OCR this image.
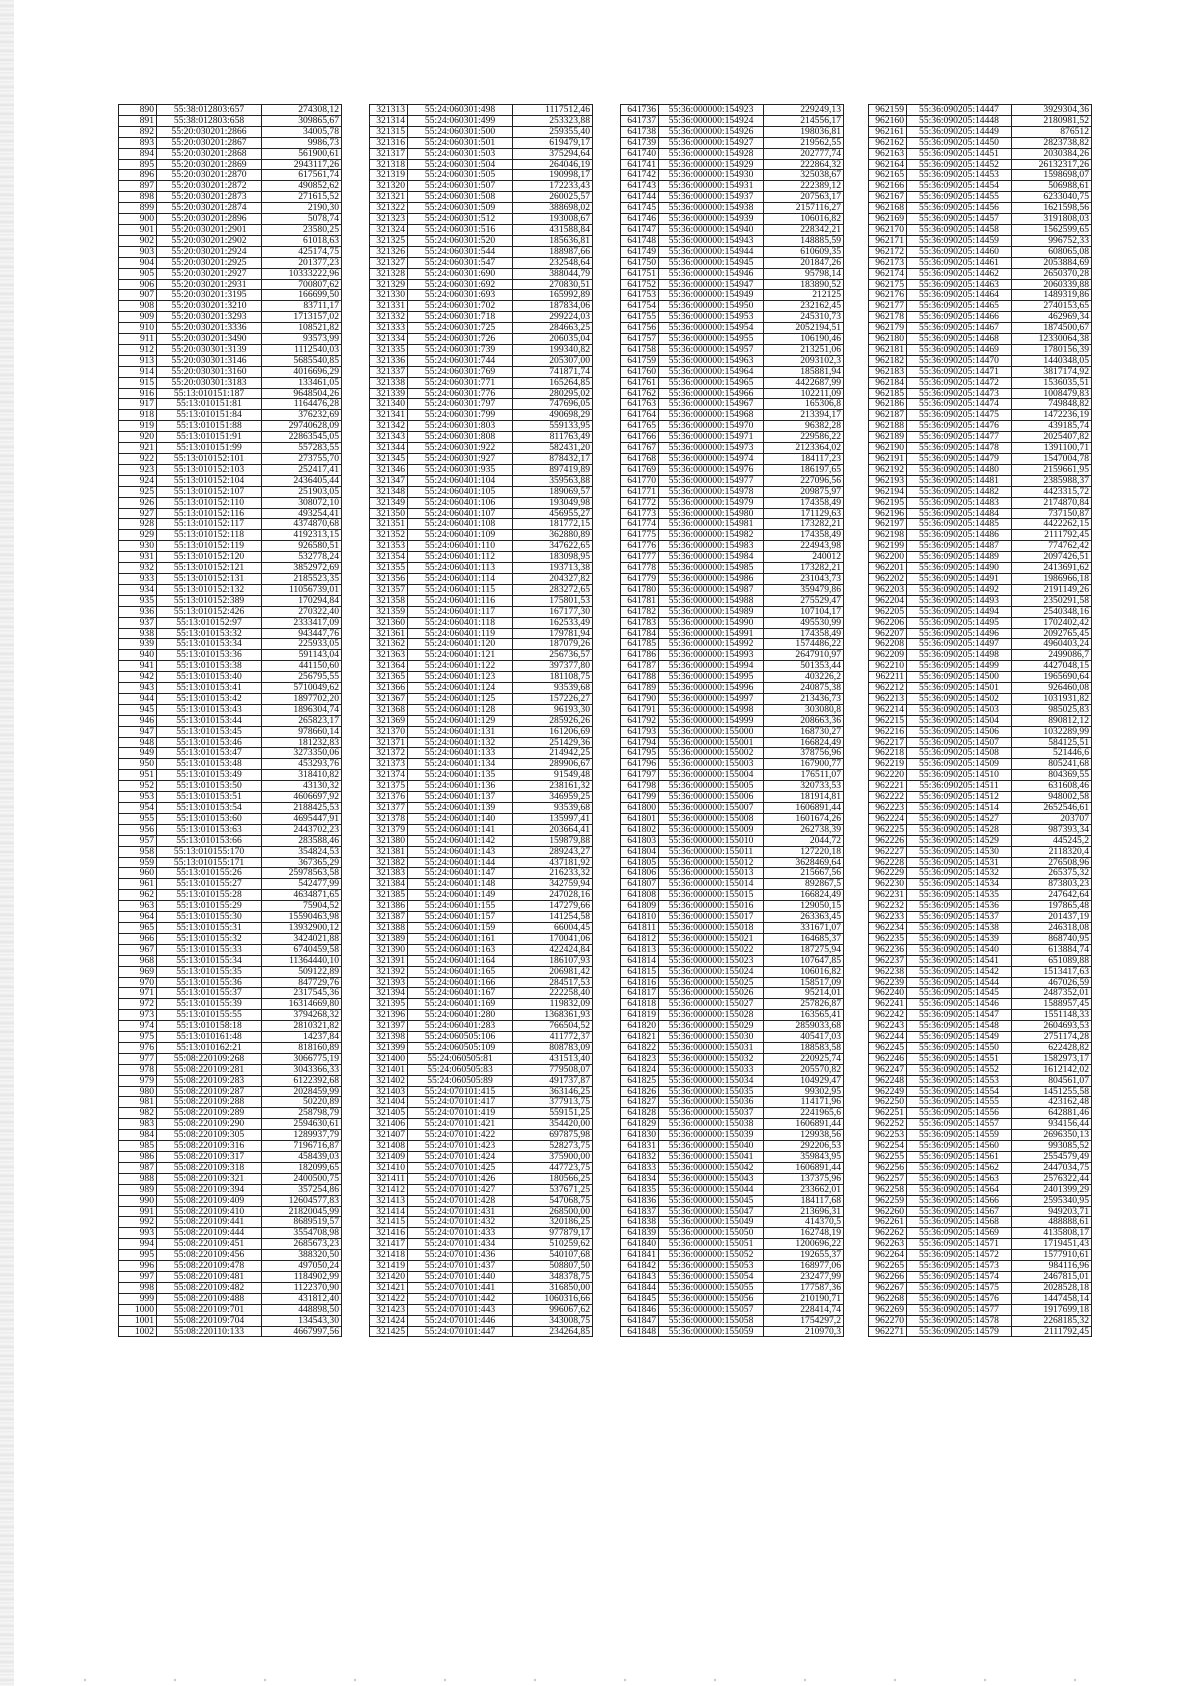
890	55:38:012803:657	274308,12
891	55:38:012803:658	309865,67
892	55:20:030201:2866	34005,78
893	55:20:030201:2867	9986,73
894	55:20:030201:2868	561900,61
895	55:20:030201:2869	2943117,26
896	55:20:030201:2870	617561,74
897	55:20:030201:2872	490852,62
898	55:20:030201:2873	271615,52
899	55:20:030201:2874	2190,30
900	55:20:030201:2896	5078,74
901	55:20:030201:2901	23580,25
902	55:20:030201:2902	61018,63
903	55:20:030201:2924	425174,75
904	55:20:030201:2925	201377,23
905	55:20:030201:2927	10333222,96
906	55:20:030201:2931	700807,62
907	55:20:030201:3195	166699,50
908	55:20:030201:3210	83711,17
909	55:20:030201:3293	1713157,02
910	55:20:030201:3336	108521,82
911	55:20:030201:3490	93573,99
912	55:20:030301:3139	1112540,03
913	55:20:030301:3146	5685540,85
914	55:20:030301:3160	4016696,29
915	55:20:030301:3183	133461,05
916	55:13:010151:187	9648504,26
917	55:13:010151:81	1164476,28
918	55:13:010151:84	376232,69
919	55:13:010151:88	29740628,09
920	55:13:010151:91	22863545,05
921	55:13:010151:99	557283,55
922	55:13:010152:101	273755,70
923	55:13:010152:103	252417,41
924	55:13:010152:104	2436405,44
925	55:13:010152:107	251903,05
926	55:13:010152:110	308072,10
927	55:13:010152:116	493254,41
928	55:13:010152:117	4374870,68
929	55:13:010152:118	4192313,15
930	55:13:010152:119	926580,51
931	55:13:010152:120	532778,24
932	55:13:010152:121	3852972,69
933	55:13:010152:131	2185523,35
934	55:13:010152:132	11056739,01
935	55:13:010152:389	170294,84
936	55:13:010152:426	270322,40
937	55:13:010152:97	2333417,09
938	55:13:010153:32	943447,76
939	55:13:010153:34	225933,05
940	55:13:010153:36	591143,04
941	55:13:010153:38	441150,60
942	55:13:010153:40	256795,55
943	55:13:010153:41	5710049,62
944	55:13:010153:42	1897702,20
945	55:13:010153:43	1896304,74
946	55:13:010153:44	265823,17
947	55:13:010153:45	978660,14
948	55:13:010153:46	181232,83
949	55:13:010153:47	3273350,06
950	55:13:010153:48	453293,76
951	55:13:010153:49	318410,82
952	55:13:010153:50	43130,32
953	55:13:010153:51	4606697,92
954	55:13:010153:54	2188425,53
955	55:13:010153:60	4695447,91
956	55:13:010153:63	2443702,23
957	55:13:010153:66	283588,46
958	55:13:010155:170	354824,53
959	55:13:010155:171	367365,29
960	55:13:010155:26	25978563,58
961	55:13:010155:27	542477,99
962	55:13:010155:28	4634871,65
963	55:13:010155:29	75904,52
964	55:13:010155:30	15590463,98
965	55:13:010155:31	13932900,12
966	55:13:010155:32	3424021,88
967	55:13:010155:33	6740459,58
968	55:13:010155:34	11364440,10
969	55:13:010155:35	509122,89
970	55:13:010155:36	847729,76
971	55:13:010155:37	2317545,36
972	55:13:010155:39	16314669,80
973	55:13:010155:55	3794268,32
974	55:13:010158:18	2810321,82
975	55:13:010161:48	14237,84
976	55:13:010162:21	818160,89
977	55:08:220109:268	3066775,19
978	55:08:220109:281	3043366,33
979	55:08:220109:283	6122392,68
980	55:08:220109:287	2028459,99
981	55:08:220109:288	50220,89
982	55:08:220109:289	258798,79
983	55:08:220109:290	2594630,61
984	55:08:220109:305	1289937,79
985	55:08:220109:316	7196716,87
986	55:08:220109:317	458439,03
987	55:08:220109:318	182099,65
988	55:08:220109:321	2400500,75
989	55:08:220109:394	357254,86
990	55:08:220109:409	12604577,83
991	55:08:220109:410	21820045,99
992	55:08:220109:441	8689519,57
993	55:08:220109:444	3554708,98
994	55:08:220109:451	2685673,23
995	55:08:220109:456	388320,50
996	55:08:220109:478	497050,24
997	55:08:220109:481	1184902,99
998	55:08:220109:482	1122370,90
999	55:08:220109:488	431812,40
1000	55:08:220109:701	448898,50
1001	55:08:220109:704	134543,30
1002	55:08:220110:133	4667997,56
321313	55:24:060301:498	1117512,46
321314	55:24:060301:499	253323,88
321315	55:24:060301:500	259355,40
321316	55:24:060301:501	619479,17
321317	55:24:060301:503	375294,64
321318	55:24:060301:504	264046,19
321319	55:24:060301:505	190998,17
321320	55:24:060301:507	172233,43
321321	55:24:060301:508	260025,57
321322	55:24:060301:509	388698,02
321323	55:24:060301:512	193008,67
321324	55:24:060301:516	431588,84
321325	55:24:060301:520	185636,81
321326	55:24:060301:544	188987,66
321327	55:24:060301:547	232548,64
321328	55:24:060301:690	388044,79
321329	55:24:060301:692	270830,51
321330	55:24:060301:693	165992,89
321331	55:24:060301:702	187834,06
321332	55:24:060301:718	299224,03
321333	55:24:060301:725	284663,25
321334	55:24:060301:726	206035,04
321335	55:24:060301:739	199340,82
321336	55:24:060301:744	205307,00
321337	55:24:060301:769	741871,74
321338	55:24:060301:771	165264,85
321339	55:24:060301:776	280295,02
321340	55:24:060301:797	747696,05
321341	55:24:060301:799	490698,29
321342	55:24:060301:803	559133,95
321343	55:24:060301:808	811763,49
321344	55:24:060301:922	582431,20
321345	55:24:060301:927	878432,17
321346	55:24:060301:935	897419,89
321347	55:24:060401:104	359563,88
321348	55:24:060401:105	189069,57
321349	55:24:060401:106	193049,98
321350	55:24:060401:107	456955,27
321351	55:24:060401:108	181772,15
321352	55:24:060401:109	362880,89
321353	55:24:060401:110	347622,65
321354	55:24:060401:112	183098,95
321355	55:24:060401:113	193713,38
321356	55:24:060401:114	204327,82
321357	55:24:060401:115	283272,65
321358	55:24:060401:116	175801,53
321359	55:24:060401:117	167177,30
321360	55:24:060401:118	162533,49
321361	55:24:060401:119	179781,94
321362	55:24:060401:120	187079,26
321363	55:24:060401:121	256736,57
321364	55:24:060401:122	397377,80
321365	55:24:060401:123	181108,75
321366	55:24:060401:124	93539,68
321367	55:24:060401:125	157226,27
321368	55:24:060401:128	96193,30
321369	55:24:060401:129	285926,26
321370	55:24:060401:131	161206,69
321371	55:24:060401:132	251429,36
321372	55:24:060401:133	214942,25
321373	55:24:060401:134	289906,67
321374	55:24:060401:135	91549,48
321375	55:24:060401:136	238161,32
321376	55:24:060401:137	346959,25
321377	55:24:060401:139	93539,68
321378	55:24:060401:140	135997,41
321379	55:24:060401:141	203664,41
321380	55:24:060401:142	159879,88
321381	55:24:060401:143	289243,27
321382	55:24:060401:144	437181,92
321383	55:24:060401:147	216233,32
321384	55:24:060401:148	342759,94
321385	55:24:060401:149	247028,16
321386	55:24:060401:155	147279,66
321387	55:24:060401:157	141254,58
321388	55:24:060401:159	66004,45
321389	55:24:060401:161	170041,06
321390	55:24:060401:163	422424,84
321391	55:24:060401:164	186107,93
321392	55:24:060401:165	206981,42
321393	55:24:060401:166	284517,53
321394	55:24:060401:167	222258,40
321395	55:24:060401:169	119832,09
321396	55:24:060401:280	1368361,93
321397	55:24:060401:283	766504,52
321398	55:24:060505:106	411772,37
321399	55:24:060505:109	808783,09
321400	55:24:060505:81	431513,40
321401	55:24:060505:83	779508,07
321402	55:24:060505:89	491737,87
321403	55:24:070101:415	363146,25
321404	55:24:070101:417	377913,75
321405	55:24:070101:419	559151,25
321406	55:24:070101:421	354420,00
321407	55:24:070101:422	697875,98
321408	55:24:070101:423	528273,75
321409	55:24:070101:424	375900,00
321410	55:24:070101:425	447723,75
321411	55:24:070101:426	180566,25
321412	55:24:070101:427	537671,25
321413	55:24:070101:428	547068,75
321414	55:24:070101:431	268500,00
321415	55:24:070101:432	320186,25
321416	55:24:070101:433	977879,17
321417	55:24:070101:434	510259,62
321418	55:24:070101:436	540107,68
321419	55:24:070101:437	508807,50
321420	55:24:070101:440	348378,75
321421	55:24:070101:441	316850,00
321422	55:24:070101:442	1060316,66
321423	55:24:070101:443	996067,62
321424	55:24:070101:446	343008,75
321425	55:24:070101:447	234264,85
641736	55:36:000000:154923	229249,13
641737	55:36:000000:154924	214556,17
641738	55:36:000000:154926	198036,81
641739	55:36:000000:154927	219562,55
641740	55:36:000000:154928	202777,74
641741	55:36:000000:154929	222864,32
641742	55:36:000000:154930	325038,67
641743	55:36:000000:154931	222389,12
641744	55:36:000000:154937	207563,17
641745	55:36:000000:154938	2157116,27
641746	55:36:000000:154939	106016,82
641747	55:36:000000:154940	228342,21
641748	55:36:000000:154943	148885,59
641749	55:36:000000:154944	610609,35
641750	55:36:000000:154945	201847,26
641751	55:36:000000:154946	95798,14
641752	55:36:000000:154947	183890,52
641753	55:36:000000:154949	212125
641754	55:36:000000:154950	232162,45
641755	55:36:000000:154953	245310,73
641756	55:36:000000:154954	2052194,51
641757	55:36:000000:154955	106190,46
641758	55:36:000000:154957	213251,06
641759	55:36:000000:154963	2093102,3
641760	55:36:000000:154964	185881,94
641761	55:36:000000:154965	4422687,99
641762	55:36:000000:154966	102211,09
641763	55:36:000000:154967	165306,8
641764	55:36:000000:154968	213394,17
641765	55:36:000000:154970	96382,28
641766	55:36:000000:154971	229586,22
641767	55:36:000000:154973	2123364,02
641768	55:36:000000:154974	184117,23
641769	55:36:000000:154976	186197,65
641770	55:36:000000:154977	227096,56
641771	55:36:000000:154978	209875,97
641772	55:36:000000:154979	174358,49
641773	55:36:000000:154980	171129,63
641774	55:36:000000:154981	173282,21
641775	55:36:000000:154982	174358,49
641776	55:36:000000:154983	224943,98
641777	55:36:000000:154984	240012
641778	55:36:000000:154985	173282,21
641779	55:36:000000:154986	231043,73
641780	55:36:000000:154987	359479,86
641781	55:36:000000:154988	275529,47
641782	55:36:000000:154989	107104,17
641783	55:36:000000:154990	495530,99
641784	55:36:000000:154991	174358,49
641785	55:36:000000:154992	1574486,22
641786	55:36:000000:154993	2647910,97
641787	55:36:000000:154994	501353,44
641788	55:36:000000:154995	403226,2
641789	55:36:000000:154996	240875,38
641790	55:36:000000:154997	213436,73
641791	55:36:000000:154998	303080,8
641792	55:36:000000:154999	208663,36
641793	55:36:000000:155000	168730,27
641794	55:36:000000:155001	166824,49
641795	55:36:000000:155002	378756,96
641796	55:36:000000:155003	167900,77
641797	55:36:000000:155004	176511,07
641798	55:36:000000:155005	320733,53
641799	55:36:000000:155006	181914,81
641800	55:36:000000:155007	1606891,44
641801	55:36:000000:155008	1601674,26
641802	55:36:000000:155009	262738,39
641803	55:36:000000:155010	2044,72
641804	55:36:000000:155011	127220,18
641805	55:36:000000:155012	3628469,64
641806	55:36:000000:155013	215667,56
641807	55:36:000000:155014	892867,5
641808	55:36:000000:155015	166824,49
641809	55:36:000000:155016	129050,15
641810	55:36:000000:155017	263363,45
641811	55:36:000000:155018	331671,07
641812	55:36:000000:155021	164685,37
641813	55:36:000000:155022	187275,94
641814	55:36:000000:155023	107647,85
641815	55:36:000000:155024	106016,82
641816	55:36:000000:155025	158517,09
641817	55:36:000000:155026	95214,01
641818	55:36:000000:155027	257826,87
641819	55:36:000000:155028	163565,41
641820	55:36:000000:155029	2859033,68
641821	55:36:000000:155030	405417,03
641822	55:36:000000:155031	188583,58
641823	55:36:000000:155032	220925,74
641824	55:36:000000:155033	205570,82
641825	55:36:000000:155034	104929,47
641826	55:36:000000:155035	99302,95
641827	55:36:000000:155036	114171,96
641828	55:36:000000:155037	2241965,6
641829	55:36:000000:155038	1606891,44
641830	55:36:000000:155039	129938,56
641831	55:36:000000:155040	292206,53
641832	55:36:000000:155041	359843,95
641833	55:36:000000:155042	1606891,44
641834	55:36:000000:155043	137375,96
641835	55:36:000000:155044	233662,01
641836	55:36:000000:155045	184117,68
641837	55:36:000000:155047	213696,31
641838	55:36:000000:155049	414370,5
641839	55:36:000000:155050	162748,19
641840	55:36:000000:155051	1200696,22
641841	55:36:000000:155052	192655,37
641842	55:36:000000:155053	168977,06
641843	55:36:000000:155054	232477,99
641844	55:36:000000:155055	177587,36
641845	55:36:000000:155056	210190,71
641846	55:36:000000:155057	228414,74
641847	55:36:000000:155058	1754297,2
641848	55:36:000000:155059	210970,3
962159	55:36:090205:14447	3929304,36
962160	55:36:090205:14448	2180981,52
962161	55:36:090205:14449	876512
962162	55:36:090205:14450	2823738,82
962163	55:36:090205:14451	2030384,26
962164	55:36:090205:14452	26132317,26
962165	55:36:090205:14453	1598698,07
962166	55:36:090205:14454	506988,61
962167	55:36:090205:14455	6233040,75
962168	55:36:090205:14456	1621598,56
962169	55:36:090205:14457	3191808,03
962170	55:36:090205:14458	1562599,65
962171	55:36:090205:14459	996752,33
962172	55:36:090205:14460	608065,08
962173	55:36:090205:14461	2053884,69
962174	55:36:090205:14462	2650370,28
962175	55:36:090205:14463	2060339,88
962176	55:36:090205:14464	1489319,86
962177	55:36:090205:14465	2740153,65
962178	55:36:090205:14466	462969,34
962179	55:36:090205:14467	1874500,67
962180	55:36:090205:14468	12330064,38
962181	55:36:090205:14469	1780156,39
962182	55:36:090205:14470	1440348,05
962183	55:36:090205:14471	3817174,92
962184	55:36:090205:14472	1536035,51
962185	55:36:090205:14473	1008479,83
962186	55:36:090205:14474	749848,82
962187	55:36:090205:14475	1472236,19
962188	55:36:090205:14476	439185,74
962189	55:36:090205:14477	2025407,82
962190	55:36:090205:14478	1391100,71
962191	55:36:090205:14479	1547004,78
962192	55:36:090205:14480	2159661,95
962193	55:36:090205:14481	2385988,37
962194	55:36:090205:14482	4423315,72
962195	55:36:090205:14483	2174870,84
962196	55:36:090205:14484	737150,87
962197	55:36:090205:14485	4422262,15
962198	55:36:090205:14486	2111792,45
962199	55:36:090205:14487	774762,42
962200	55:36:090205:14489	2097426,51
962201	55:36:090205:14490	2413691,62
962202	55:36:090205:14491	1986966,18
962203	55:36:090205:14492	2191149,26
962204	55:36:090205:14493	2350291,58
962205	55:36:090205:14494	2540348,16
962206	55:36:090205:14495	1702402,42
962207	55:36:090205:14496	2092765,45
962208	55:36:090205:14497	4960403,24
962209	55:36:090205:14498	2499086,7
962210	55:36:090205:14499	4427048,15
962211	55:36:090205:14500	1965690,64
962212	55:36:090205:14501	926460,08
962213	55:36:090205:14502	1031931,82
962214	55:36:090205:14503	985025,83
962215	55:36:090205:14504	890812,12
962216	55:36:090205:14506	1032289,99
962217	55:36:090205:14507	584125,51
962218	55:36:090205:14508	521446,6
962219	55:36:090205:14509	805241,68
962220	55:36:090205:14510	804369,55
962221	55:36:090205:14511	631608,46
962222	55:36:090205:14512	948002,58
962223	55:36:090205:14514	2652546,61
962224	55:36:090205:14527	203707
962225	55:36:090205:14528	987393,34
962226	55:36:090205:14529	445245,2
962227	55:36:090205:14530	2118320,4
962228	55:36:090205:14531	276508,96
962229	55:36:090205:14532	265375,32
962230	55:36:090205:14534	873803,23
962231	55:36:090205:14535	247642,64
962232	55:36:090205:14536	197865,48
962233	55:36:090205:14537	201437,19
962234	55:36:090205:14538	246318,08
962235	55:36:090205:14539	868740,95
962236	55:36:090205:14540	613884,74
962237	55:36:090205:14541	651089,88
962238	55:36:090205:14542	1513417,63
962239	55:36:090205:14544	467026,59
962240	55:36:090205:14545	2487352,01
962241	55:36:090205:14546	1588957,45
962242	55:36:090205:14547	1551148,33
962243	55:36:090205:14548	2604693,53
962244	55:36:090205:14549	2751174,28
962245	55:36:090205:14550	622428,82
962246	55:36:090205:14551	1582973,17
962247	55:36:090205:14552	1612142,02
962248	55:36:090205:14553	804561,07
962249	55:36:090205:14554	1451255,58
962250	55:36:090205:14555	423162,48
962251	55:36:090205:14556	642881,46
962252	55:36:090205:14557	934156,44
962253	55:36:090205:14559	2696350,13
962254	55:36:090205:14560	993085,52
962255	55:36:090205:14561	2554579,49
962256	55:36:090205:14562	2447034,75
962257	55:36:090205:14563	2576322,44
962258	55:36:090205:14564	2401399,29
962259	55:36:090205:14566	2595340,95
962260	55:36:090205:14567	949203,71
962261	55:36:090205:14568	488888,61
962262	55:36:090205:14569	4135808,17
962263	55:36:090205:14571	1719451,43
962264	55:36:090205:14572	1577910,61
962265	55:36:090205:14573	984116,96
962266	55:36:090205:14574	2467815,01
962267	55:36:090205:14575	2028528,18
962268	55:36:090205:14576	1447458,14
962269	55:36:090205:14577	1917699,18
962270	55:36:090205:14578	2268185,32
962271	55:36:090205:14579	2111792,45
